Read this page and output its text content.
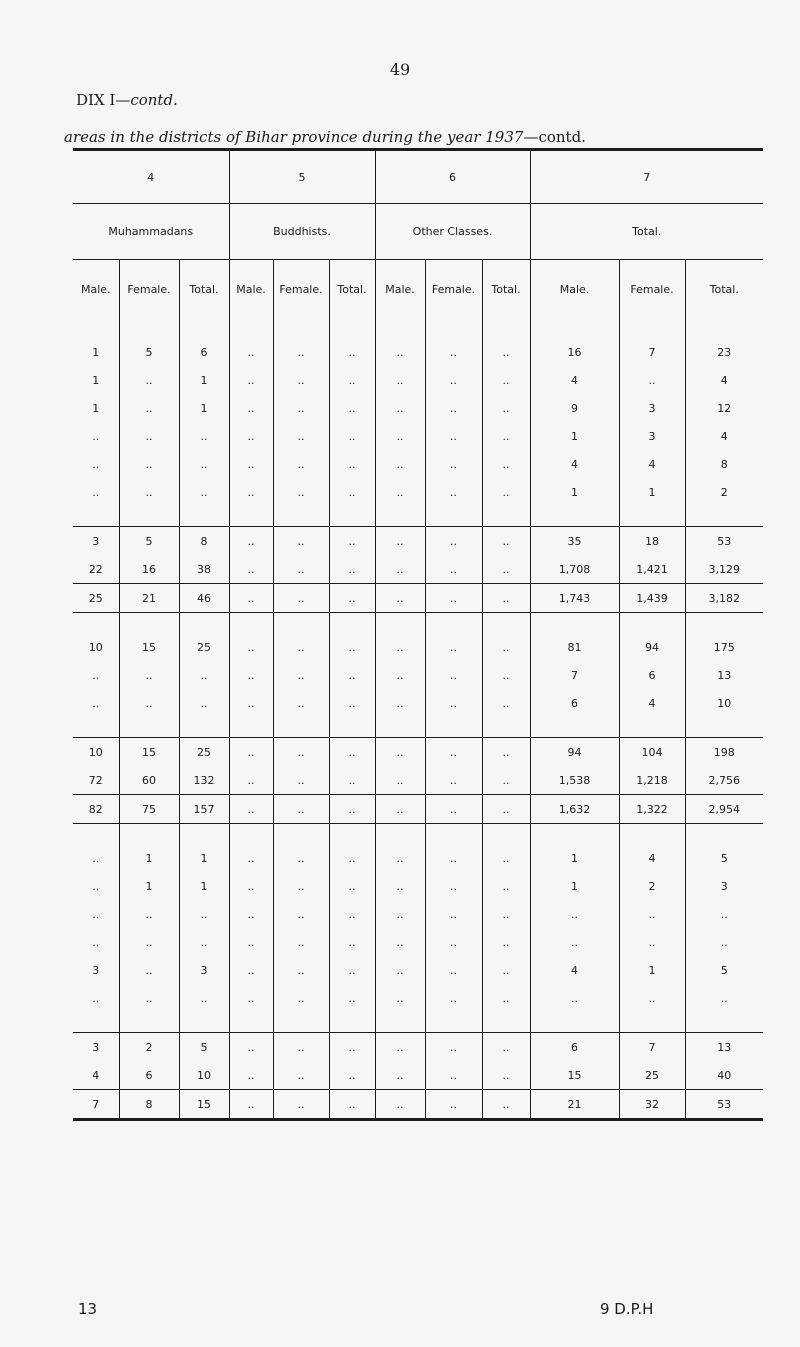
49
DIX I—contd.
areas in the districts of Bihar province during the year 1937—contd.

4			5			6			7		
Muhammadans			Buddhists.			Other Classes.			Total.		
Male.	Female.	Total.	Male.	Female.	Total.	Male.	Female.	Total.	Male.	Female.	Total.

1	5	6	..	..	..	..	..	..	16	7	23
1	..	1	..	..	..	..	..	..	4	..	4
1	..	1	..	..	..	..	..	..	9	3	12
..	..	..	..	..	..	..	..	..	1	3	4
..	..	..	..	..	..	..	..	..	4	4	8
..	..	..	..	..	..	..	..	..	1	1	2

3	5	8	..	..	..	..	..	..	35	18	53
22	16	38	..	..	..	..	..	..	1,708	1,421	3,129
25	21	46	..	..	..	..	..	..	1,743	1,439	3,182

10	15	25	..	..	..	..	..	..	81	94	175
..	..	..	..	..	..	..	..	..	7	6	13
..	..	..	..	..	..	..	..	..	6	4	10

10	15	25	..	..	..	..	..	..	94	104	198
72	60	132	..	..	..	..	..	..	1,538	1,218	2,756
82	75	157	..	..	..	..	..	..	1,632	1,322	2,954

..	1	1	..	..	..	..	..	..	1	4	5
..	1	1	..	..	..	..	..	..	1	2	3
..	..	..	..	..	..	..	..	..	..	..	..
..	..	..	..	..	..	..	..	..	..	..	..
3	..	3	..	..	..	..	..	..	4	1	5
..	..	..	..	..	..	..	..	..	..	..	..

3	2	5	..	..	..	..	..	..	6	7	13
4	6	10	..	..	..	..	..	..	15	25	40
7	8	15	..	..	..	..	..	..	21	32	53
13	9 D.P.H
